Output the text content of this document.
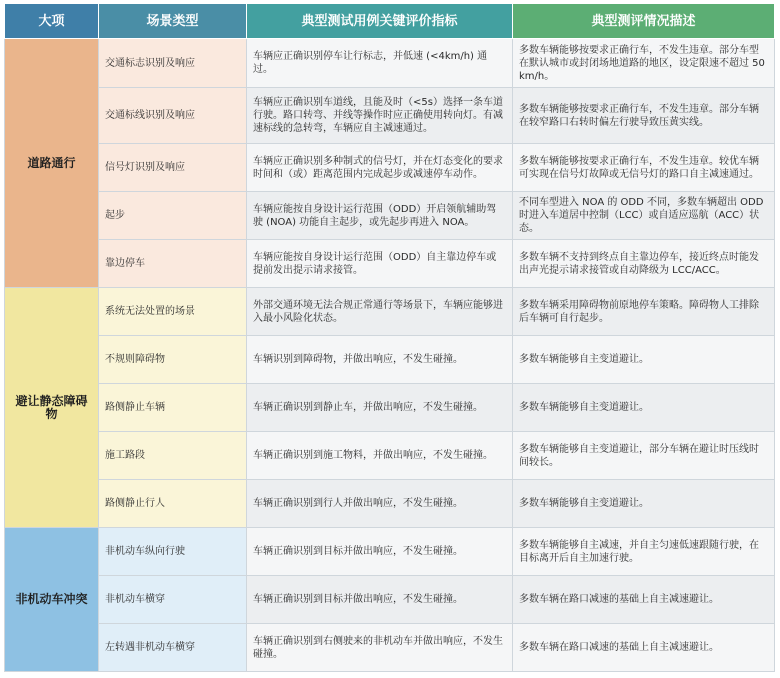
大项	场景类型	典型测试用例关键评价指标	典型测评情况描述
道路通行	交通标志识别及响应	车辆应正确识别停车让行标志，并低速 (<4km/h) 通过。	多数车辆能够按要求正确行车，不发生违章。部分车型在默认城市或封闭场地道路的地区，设定限速不超过 50km/h。
	交通标线识别及响应	车辆应正确识别车道线，且能及时（<5s）选择一条车道行驶。路口转弯、并线等操作时应正确使用转向灯。有减速标线的急转弯，车辆应自主减速通过。	多数车辆能够按要求正确行车，不发生违章。部分车辆在较窄路口右转时偏左行驶导致压黄实线。
	信号灯识别及响应	车辆应正确识别多种制式的信号灯，并在灯态变化的要求时间和（或）距离范围内完成起步或减速停车动作。	多数车辆能够按要求正确行车，不发生违章。较优车辆可实现在信号灯故障或无信号灯的路口自主减速通过。
	起步	车辆应能按自身设计运行范围（ODD）开启领航辅助驾驶 (NOA) 功能自主起步，或先起步再进入 NOA。	不同车型进入 NOA 的 ODD 不同，多数车辆超出 ODD 时进入车道居中控制（LCC）或自适应巡航（ACC）状态。
	靠边停车	车辆应能按自身设计运行范围（ODD）自主靠边停车或提前发出提示请求接管。	多数车辆不支持到终点自主靠边停车，接近终点时能发出声光提示请求接管或自动降级为 LCC/ACC。
避让静态障碍物	系统无法处置的场景	外部交通环境无法合规正常通行等场景下，车辆应能够进入最小风险化状态。	多数车辆采用障碍物前原地停车策略。障碍物人工排除后车辆可自行起步。
	不规则障碍物	车辆识别到障碍物，并做出响应，不发生碰撞。	多数车辆能够自主变道避让。
	路侧静止车辆	车辆正确识别到静止车，并做出响应，不发生碰撞。	多数车辆能够自主变道避让。
	施工路段	车辆正确识别到施工物料，并做出响应，不发生碰撞。	多数车辆能够自主变道避让，部分车辆在避让时压线时间较长。
	路侧静止行人	车辆正确识别到行人并做出响应，不发生碰撞。	多数车辆能够自主变道避让。
非机动车冲突	非机动车纵向行驶	车辆正确识别到目标并做出响应，不发生碰撞。	多数车辆能够自主减速，并自主匀速低速跟随行驶，在目标离开后自主加速行驶。
	非机动车横穿	车辆正确识别到目标并做出响应，不发生碰撞。	多数车辆在路口减速的基础上自主减速避让。
	左转遇非机动车横穿	车辆正确识别到右侧驶来的非机动车并做出响应，不发生碰撞。	多数车辆在路口减速的基础上自主减速避让。
